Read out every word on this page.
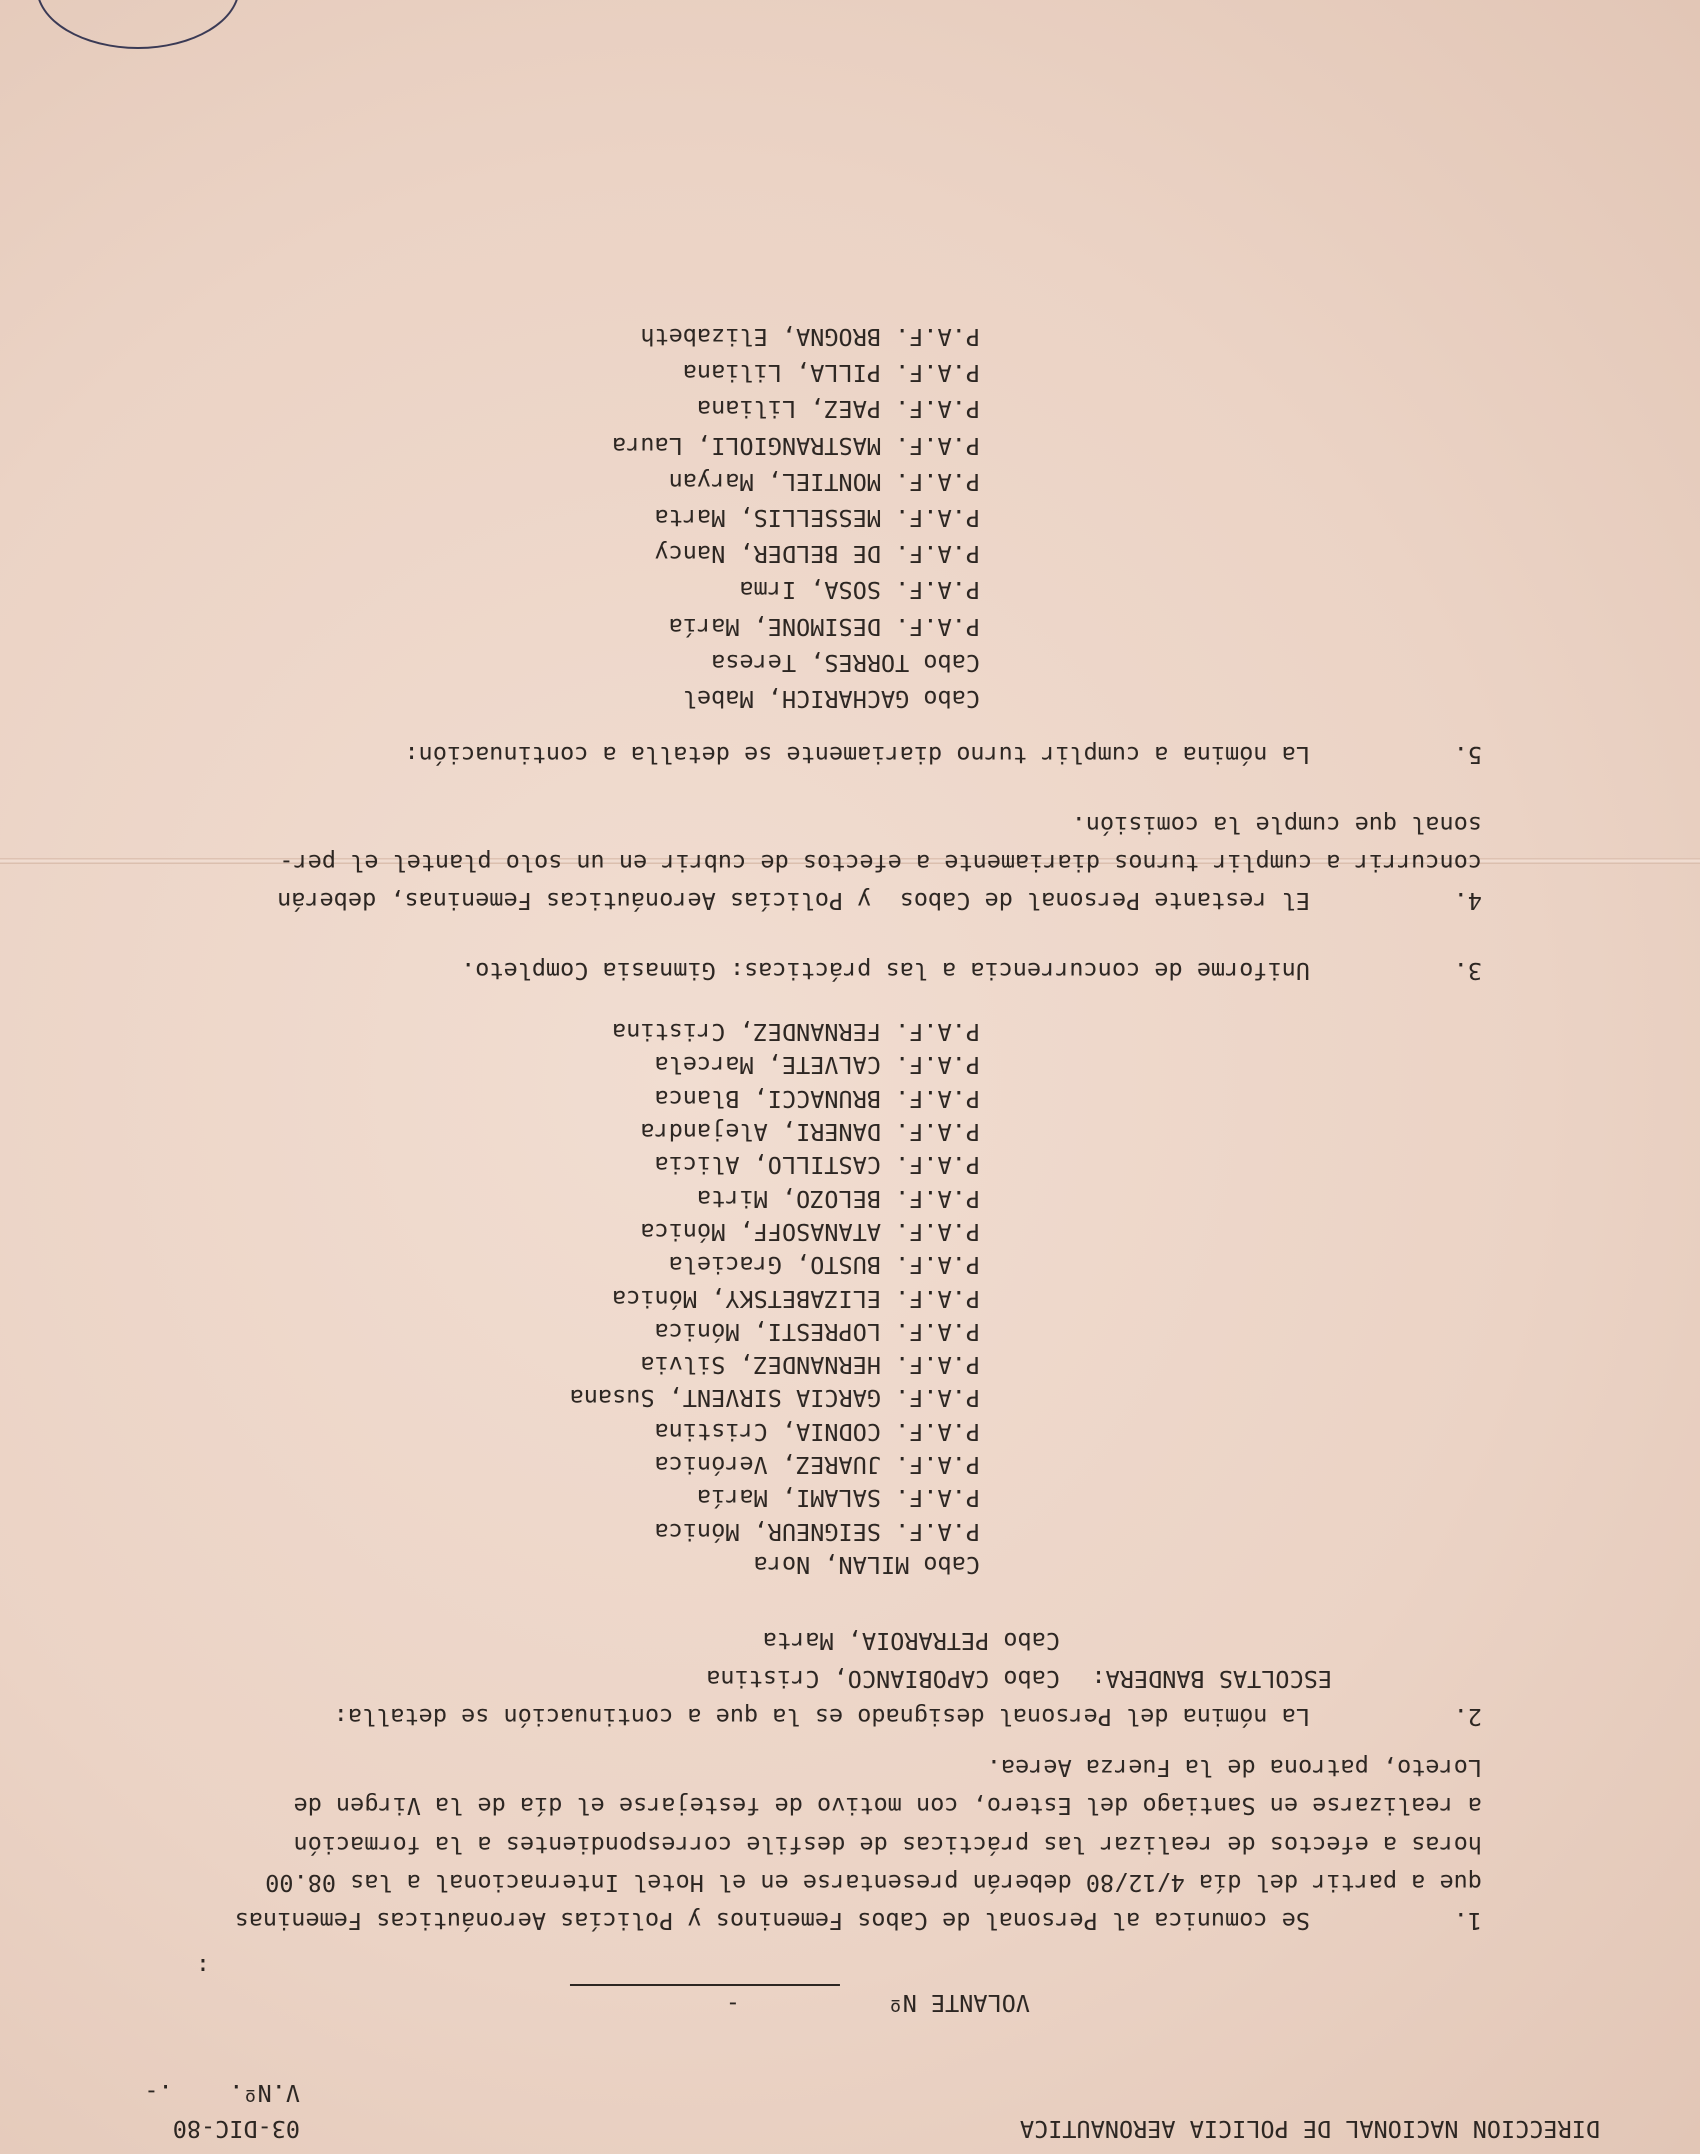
DIRECCION NACIONAL DE POLICIA AERONAUTICA
03-DIC-80
V.Nº.    .-
VOLANTE Nº
-
:
1.
Se comunica al Personal de Cabos Femeninos y Policías Aeronáuticas Femeninas
que a partir del día 4/12/80 deberán presentarse en el Hotel Internacional a las 08.00
horas a efectos de realizar las prácticas de desfile correspondientes a la formación
a realizarse en Santiago del Estero, con motivo de festejarse el día de la Virgen de
Loreto, patrona de la Fuerza Aerea.
2.
La nómina del Personal designado es la que a continuación se detalla:
ESCOLTAS BANDERA:
Cabo CAPOBIANCO, Cristina
Cabo PETRAROIA, Marta
Cabo MILAN, Nora
P.A.F. SEIGNEUR, Mónica
P.A.F. SALAMI, María
P.A.F. JUAREZ, Verónica
P.A.F. CODNIA, Cristina
P.A.F. GARCIA SIRVENT, Susana
P.A.F. HERNANDEZ, Silvia
P.A.F. LOPRESTI, Mónica
P.A.F. ELIZABETSKY, Mónica
P.A.F. BUSTO, Graciela
P.A.F. ATANASOFF, Mónica
P.A.F. BELOZO, Mirta
P.A.F. CASTILLO, Alicia
P.A.F. DANERI, Alejandra
P.A.F. BRUNACCI, Blanca
P.A.F. CALVETE, Marcela
P.A.F. FERNANDEZ, Cristina
3.
Uniforme de concurrencia a las prácticas: Gimnasia Completo.
4.
El restante Personal de Cabos  y Policías Aeronáuticas Femeninas, deberán
concurrir a cumplir turnos diariamente a efectos de cubrir en un solo plantel el per-
sonal que cumple la comisión.
5.
La nómina a cumplir turno diariamente se detalla a continuación:
Cabo GACHARICH, Mabel
Cabo TORRES, Teresa
P.A.F. DESIMONE, María
P.A.F. SOSA, Irma
P.A.F. DE BELDER, Nancy
P.A.F. MESSELLIS, Marta
P.A.F. MONTIEL, Maryan
P.A.F. MASTRANGIOLI, Laura
P.A.F. PAEZ, Liliana
P.A.F. PILLA, Liliana
P.A.F. BROGNA, Elizabeth
